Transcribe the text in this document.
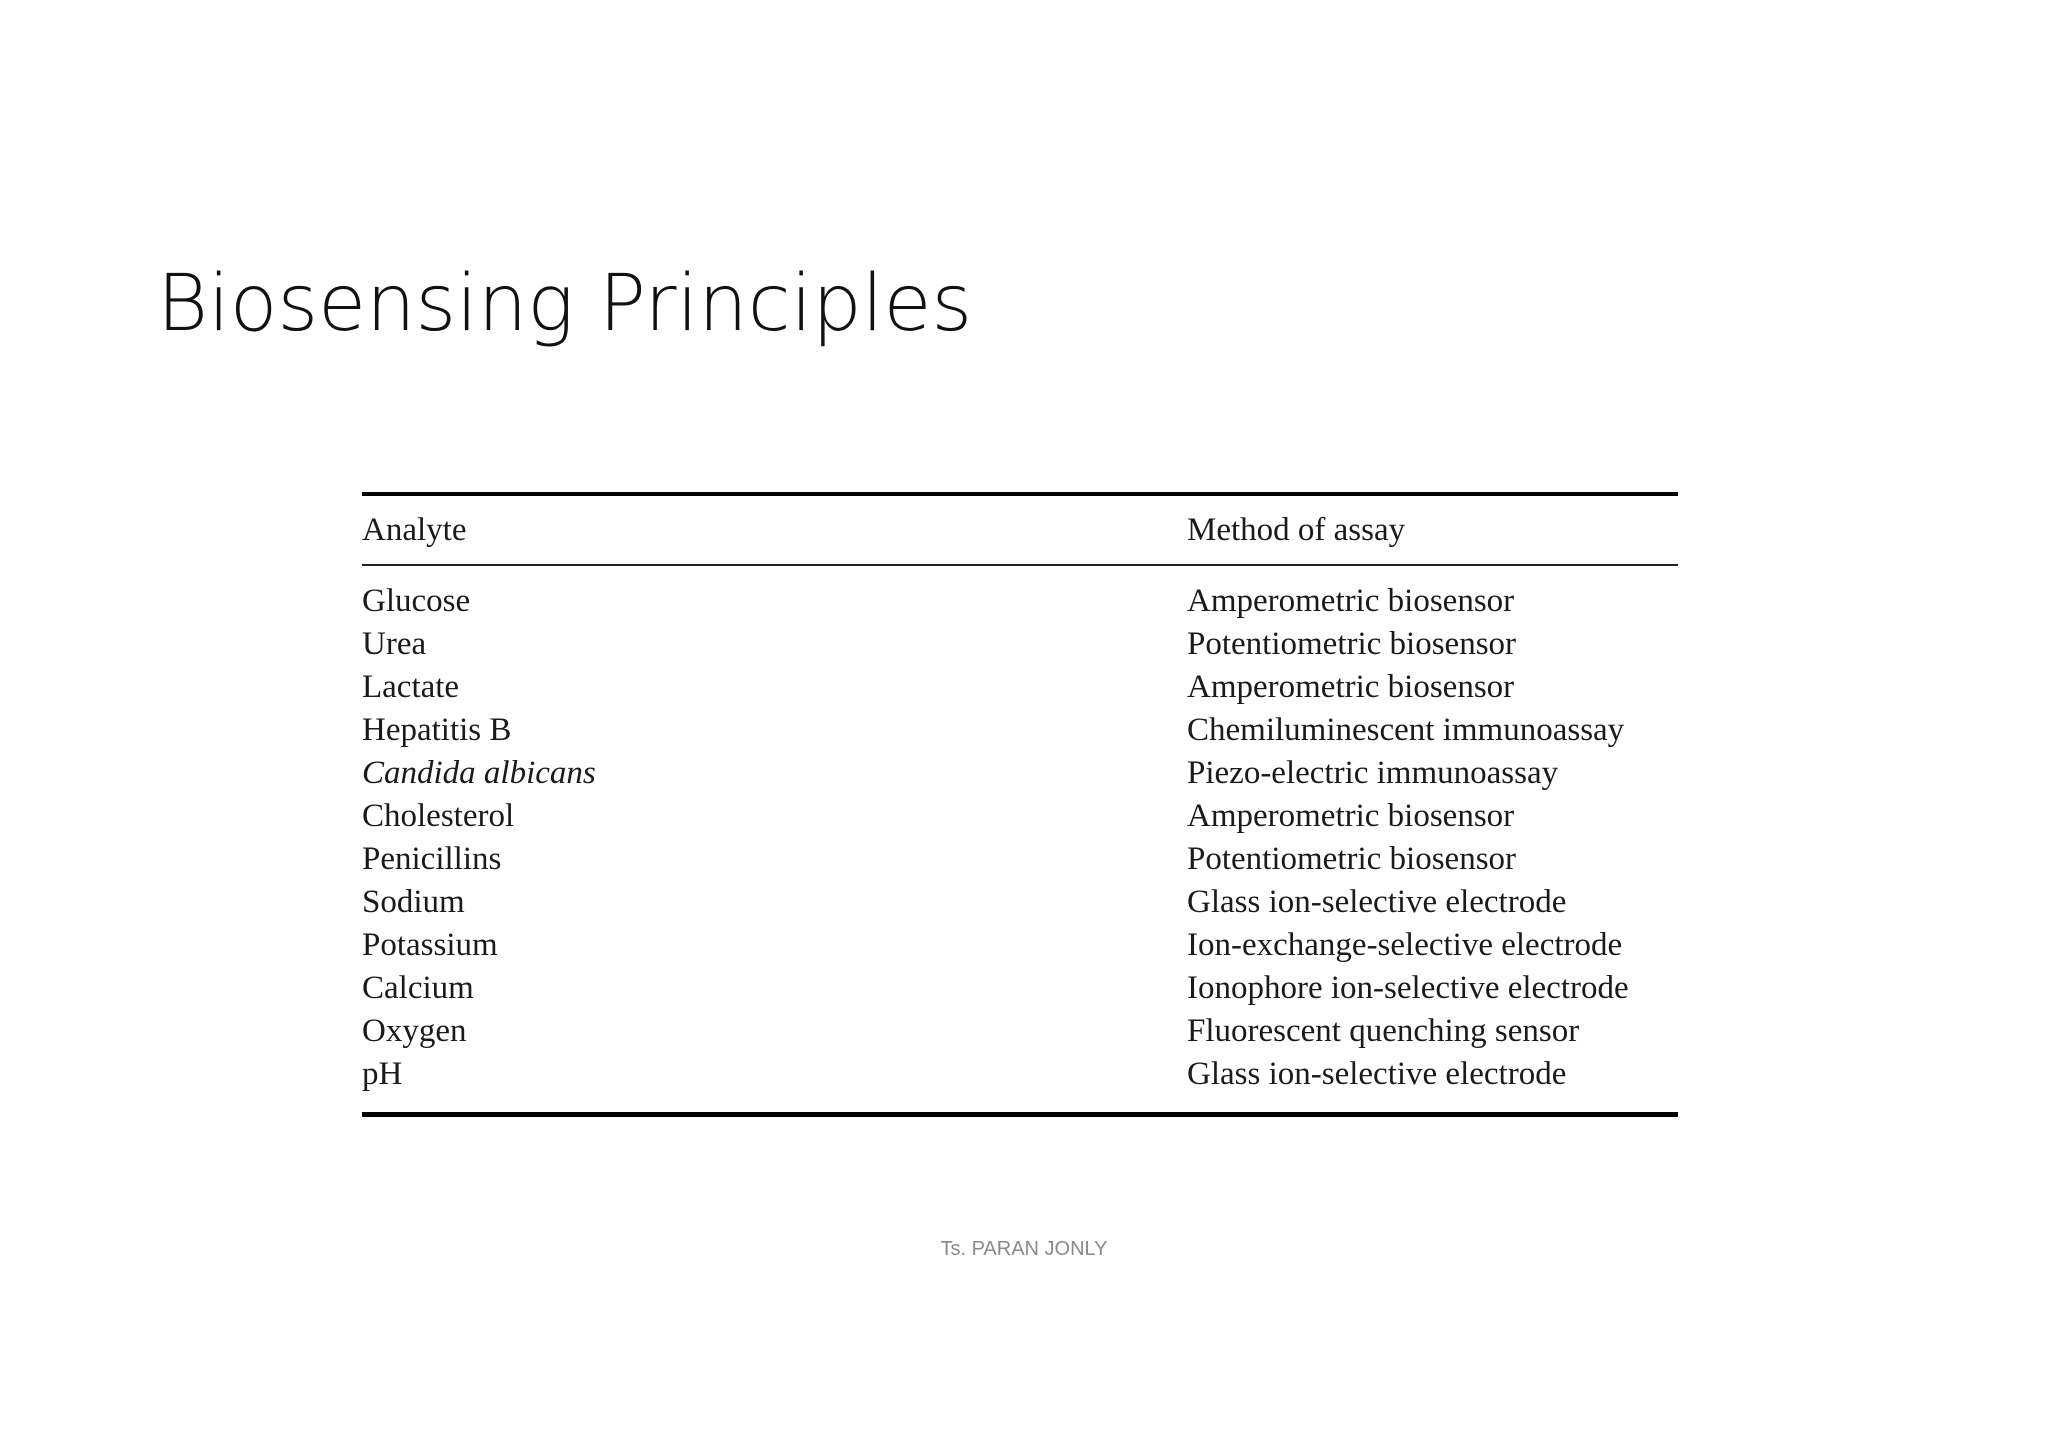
Biosensing Principles
Analyte	Method of assay
Glucose	Amperometric biosensor
Urea	Potentiometric biosensor
Lactate	Amperometric biosensor
Hepatitis B	Chemiluminescent immunoassay
Candida albicans	Piezo-electric immunoassay
Cholesterol	Amperometric biosensor
Penicillins	Potentiometric biosensor
Sodium	Glass ion-selective electrode
Potassium	Ion-exchange-selective electrode
Calcium	Ionophore ion-selective electrode
Oxygen	Fluorescent quenching sensor
pH	Glass ion-selective electrode
Ts. PARAN JONLY
